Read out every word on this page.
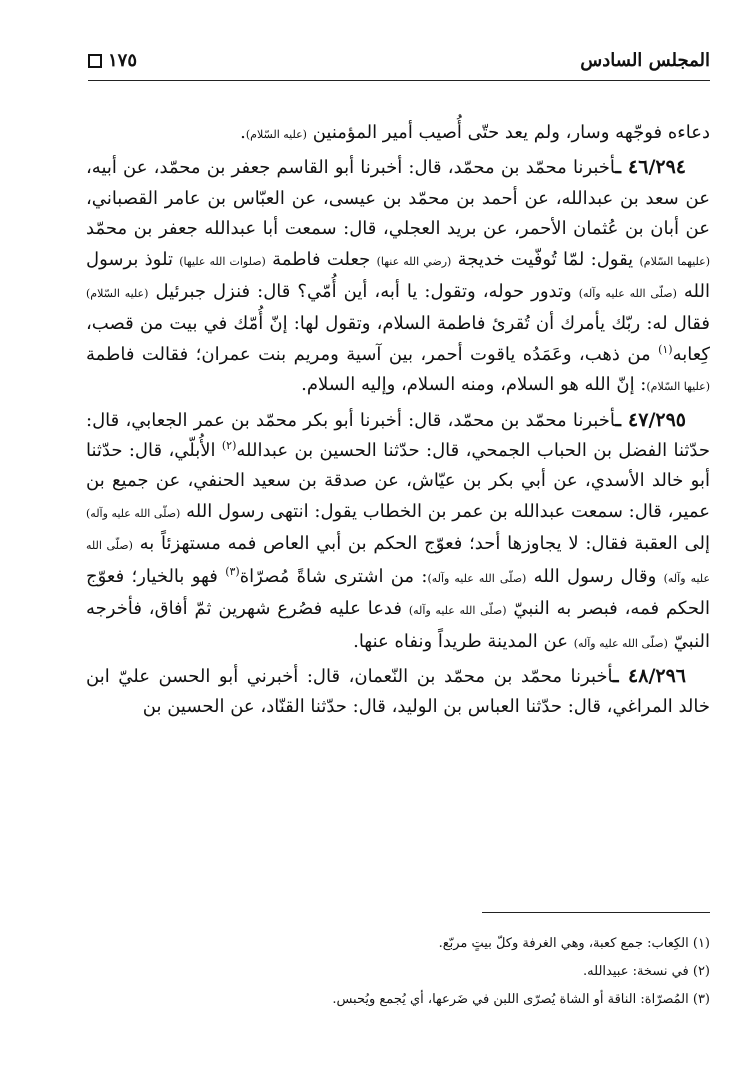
المجلس السادس
١٧٥

دعاءه فوجّهه وسار، ولم يعد حتّى أُصيب أمير المؤمنين (عليه السّلام).

٤٦/٢٩٤ ـأخبرنا محمّد بن محمّد، قال: أخبرنا أبو القاسم جعفر بن محمّد، عن أبيه، عن سعد بن عبدالله، عن أحمد بن محمّد بن عيسى، عن العبّاس بن عامر القصباني، عن أبان بن عُثمان الأحمر، عن بريد العجلي، قال: سمعت أبا عبدالله جعفر بن محمّد (عليهما السّلام) يقول: لمّا تُوفّيت خديجة (رضي الله عنها) جعلت فاطمة (صلوات الله عليها) تلوذ برسول الله (صلّى الله عليه وآله) وتدور حوله، وتقول: يا أبه، أين أُمّي؟ قال: فنزل جبرئيل (عليه السّلام) فقال له: ربّك يأمرك أن تُقرئ فاطمة السلام، وتقول لها: إنّ أُمّك في بيت من قصب، كِعابه$^{(١)}$ من ذهب، وعَمَدُه ياقوت أحمر، بين آسية ومريم بنت عمران؛ فقالت فاطمة (عليها السّلام): إنّ الله هو السلام، ومنه السلام، وإليه السلام.

٤٧/٢٩٥ ـأخبرنا محمّد بن محمّد، قال: أخبرنا أبو بكر محمّد بن عمر الجعابي، قال: حدّثنا الفضل بن الحباب الجمحي، قال: حدّثنا الحسين بن عبدالله$^{(٢)}$ الأُبلّي، قال: حدّثنا أبو خالد الأسدي، عن أبي بكر بن عيّاش، عن صدقة بن سعيد الحنفي، عن جميع بن عمير، قال: سمعت عبدالله بن عمر بن الخطاب يقول: انتهى رسول الله (صلّى الله عليه وآله) إلى العقبة فقال: لا يجاوزها أحد؛ فعوّج الحكم بن أبي العاص فمه مستهزئاً به (صلّى الله عليه وآله) وقال رسول الله (صلّى الله عليه وآله): من اشترى شاةً مُصرّاة$^{(٣)}$ فهو بالخيار؛ فعوّج الحكم فمه، فبصر به النبيّ (صلّى الله عليه وآله) فدعا عليه فصُرع شهرين ثمّ أفاق، فأخرجه النبيّ (صلّى الله عليه وآله) عن المدينة طريداً ونفاه عنها.

٤٨/٢٩٦ ـأخبرنا محمّد بن محمّد بن النّعمان، قال: أخبرني أبو الحسن عليّ ابن خالد المراغي، قال: حدّثنا العباس بن الوليد، قال: حدّثنا القنّاد، عن الحسين بن

(١) الكِعاب: جمع كعبة، وهي الغرفة وكلّ بيتٍ مربّع.
(٢) في نسخة: عبيدالله.
(٣) المُصرّاة: الناقة أو الشاة يُصرّى اللبن في ضَرعها، أي يُجمع ويُحبس.
